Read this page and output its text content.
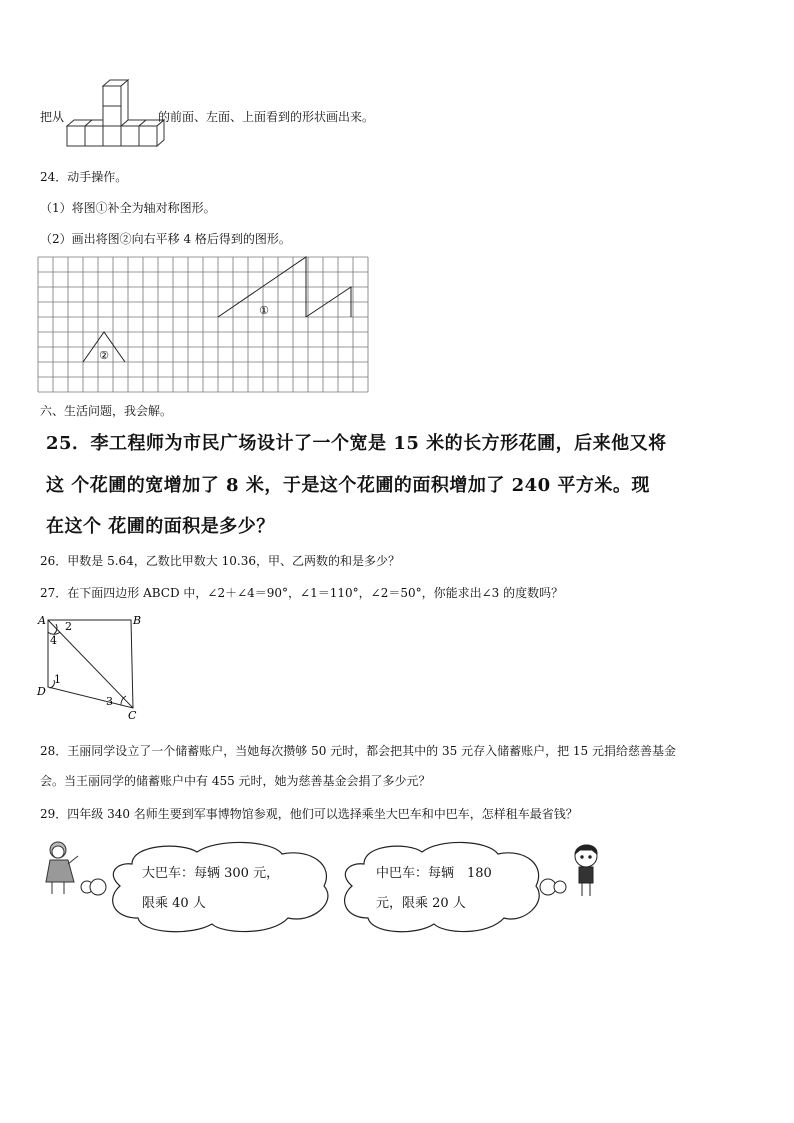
把从	的前面、左面、上面看到的形状画出来。
24．动手操作。
（1）将图①补全为轴对称图形。
（2）画出将图②向右平移 4 格后得到的图形。
①
②
六、生活问题，我会解。
25．李工程师为市民广场设计了一个宽是 15 米的长方形花圃，后来他又将
这 个花圃的宽增加了 8 米，于是这个花圃的面积增加了 240 平方米。现
在这个 花圃的面积是多少？
26．甲数是 5.64，乙数比甲数大 10.36，甲、乙两数的和是多少？
27．在下面四边形 ABCD 中，∠2＋∠4＝90°，∠1＝110°，∠2＝50°，你能求出∠3 的度数吗？
A	B
C
D
2
4
1
3
28．王丽同学设立了一个储蓄账户，当她每次攒够 50 元时，都会把其中的 35 元存入储蓄账户，把 15 元捐给慈善基金
会。当王丽同学的储蓄账户中有 455 元时，她为慈善基金会捐了多少元？
29．四年级 340 名师生要到军事博物馆参观，他们可以选择乘坐大巴车和中巴车，怎样租车最省钱？
大巴车：每辆 300 元，
限乘 40 人
中巴车：每辆　180
元，限乘 20 人
